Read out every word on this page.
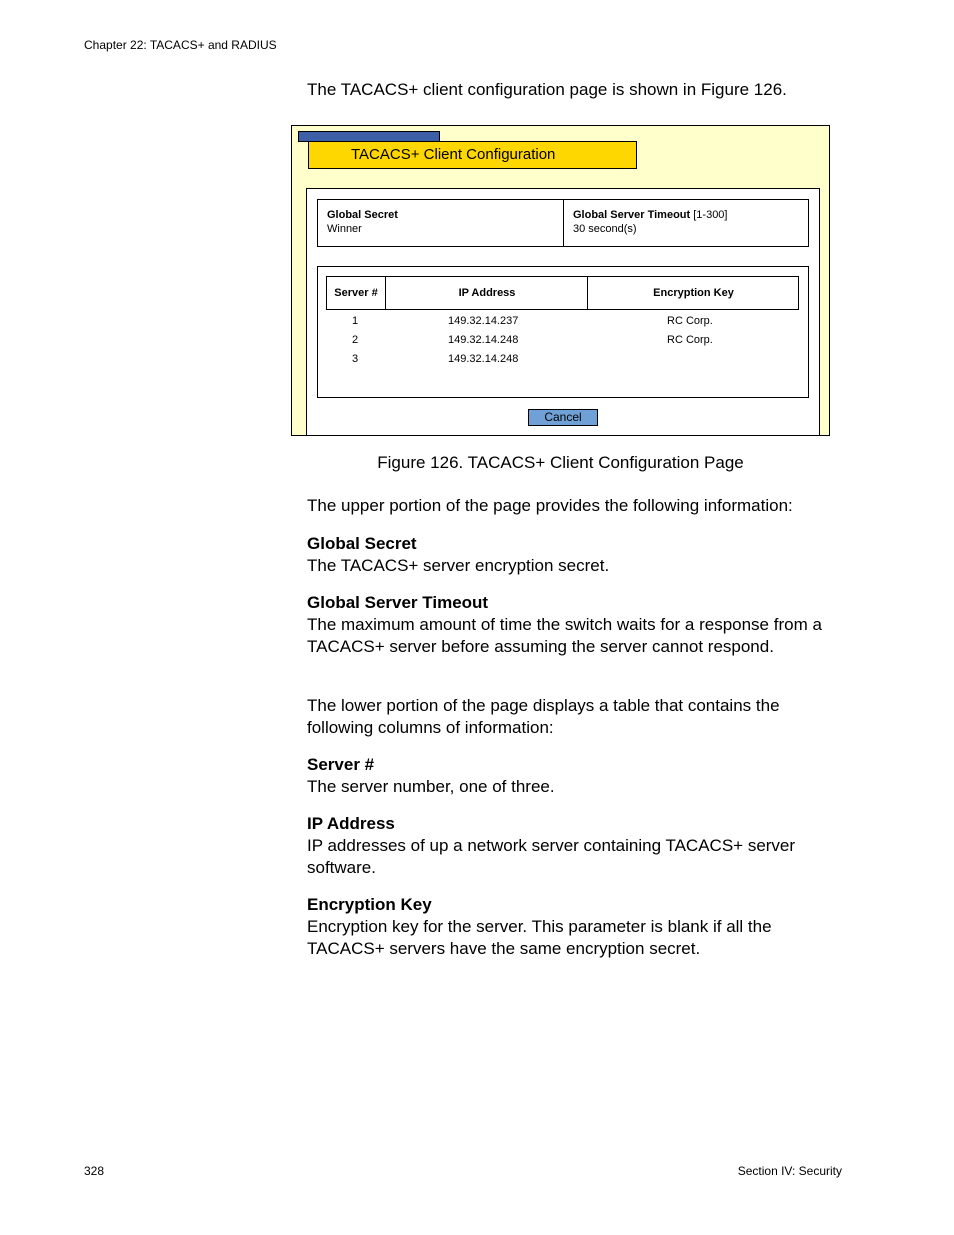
Chapter 22: TACACS+ and RADIUS

The TACACS+ client configuration page is shown in Figure 126.

TACACS+ Client Configuration
Global Secret
Winner
Global Server Timeout [1-300]
30 second(s)
Server #	IP Address	Encryption Key
1	149.32.14.237	RC Corp.
2	149.32.14.248	RC Corp.
3	149.32.14.248
Cancel
Figure 126. TACACS+ Client Configuration Page

The upper portion of the page provides the following information:

Global Secret

The TACACS+ server encryption secret.

Global Server Timeout

The maximum amount of time the switch waits for a response from a TACACS+ server before assuming the server cannot respond.

The lower portion of the page displays a table that contains the following columns of information:

Server #

The server number, one of three.

IP Address

IP addresses of up a network server containing TACACS+ server software.

Encryption Key

Encryption key for the server. This parameter is blank if all the TACACS+ servers have the same encryption secret.

328	Section IV: Security
